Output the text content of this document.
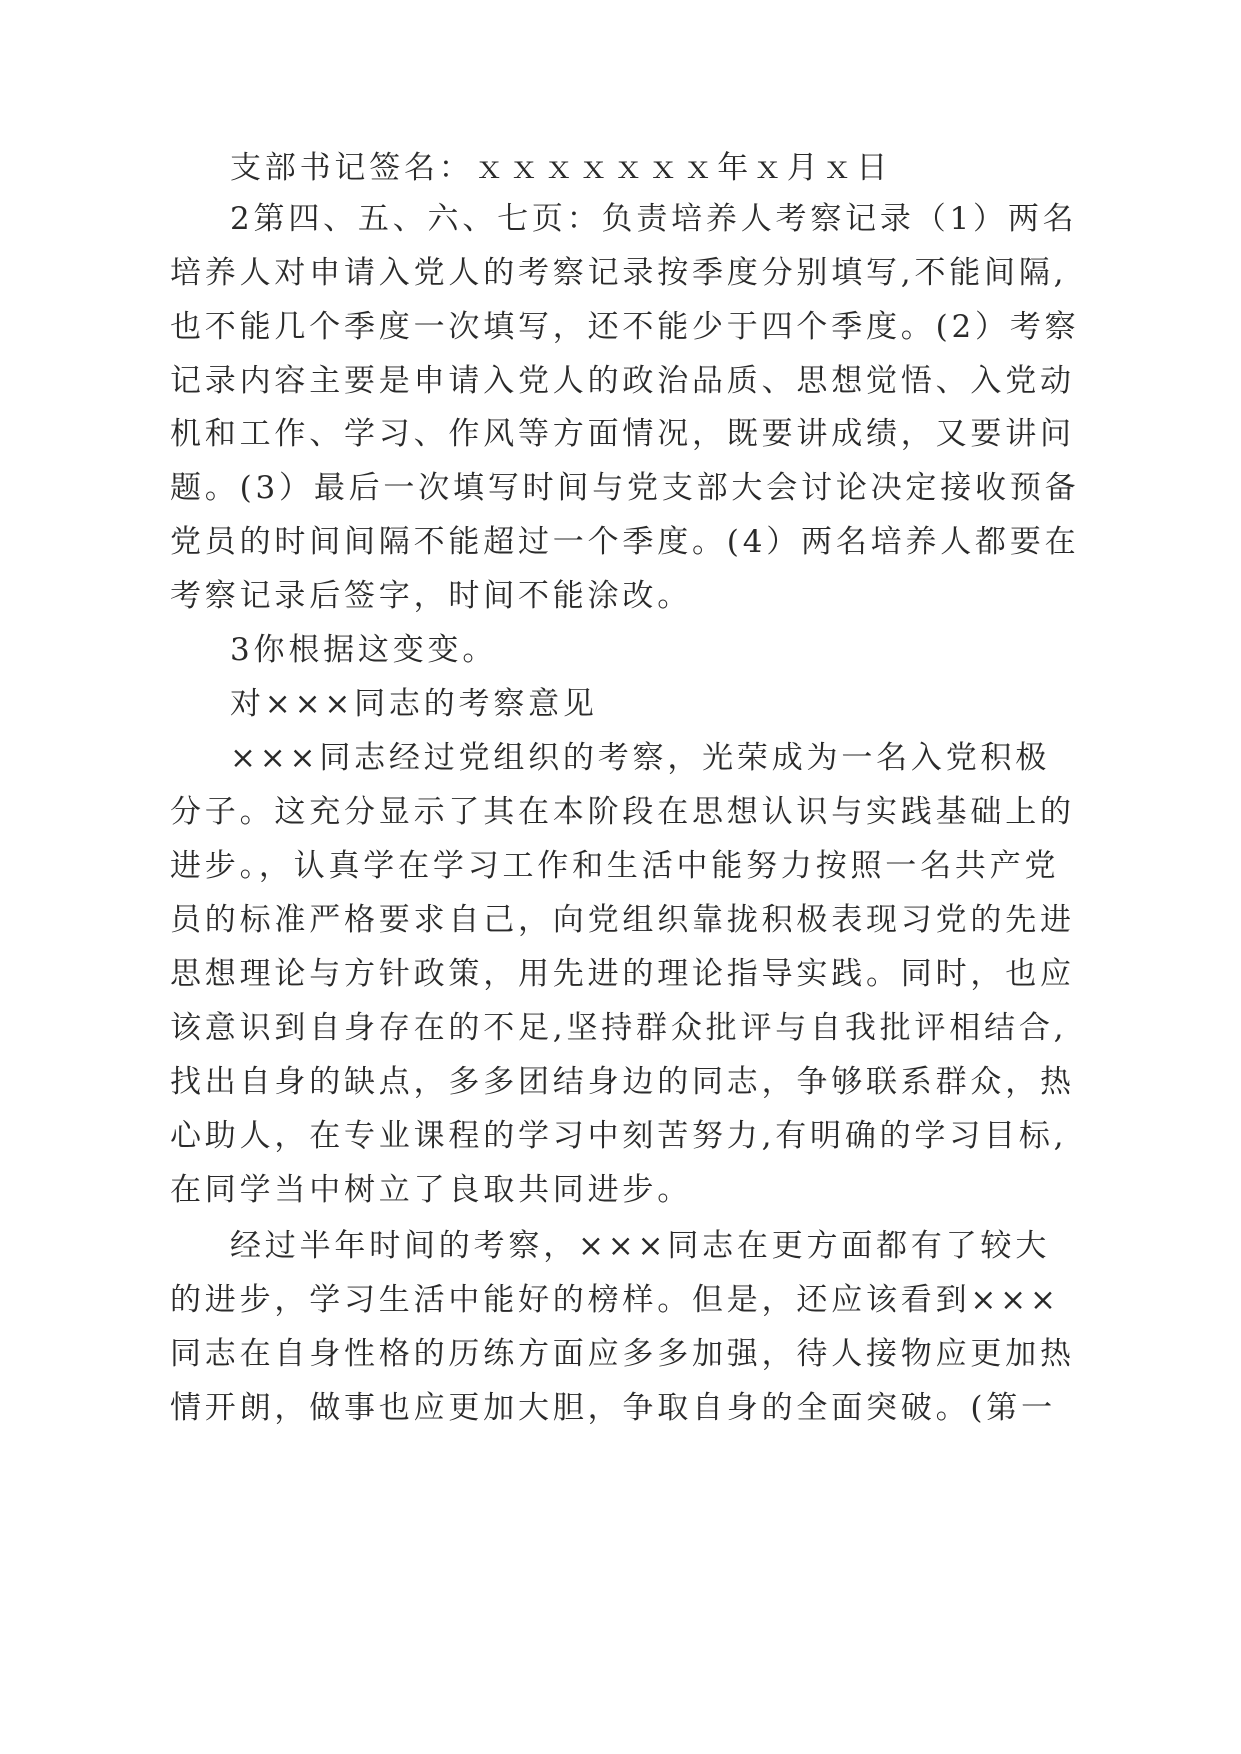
支部书记签名：ｘｘｘｘｘｘｘ年ｘ月ｘ日
2第四、五、六、七页：负责培养人考察记录（1）两名
培养人对申请入党人的考察记录按季度分别填写,不能间隔,
也不能几个季度一次填写，还不能少于四个季度。(2）考察
记录内容主要是申请入党人的政治品质、思想觉悟、入党动
机和工作、学习、作风等方面情况，既要讲成绩，又要讲问
题。(3）最后一次填写时间与党支部大会讨论决定接收预备
党员的时间间隔不能超过一个季度。(4）两名培养人都要在
考察记录后签字，时间不能涂改。
3你根据这变变。
对×××同志的考察意见
×××同志经过党组织的考察，光荣成为一名入党积极
分子。这充分显示了其在本阶段在思想认识与实践基础上的
进步。，认真学在学习工作和生活中能努力按照一名共产党
员的标准严格要求自己，向党组织靠拢积极表现习党的先进
思想理论与方针政策，用先进的理论指导实践。同时，也应
该意识到自身存在的不足,坚持群众批评与自我批评相结合,
找出自身的缺点，多多团结身边的同志，争够联系群众，热
心助人，在专业课程的学习中刻苦努力,有明确的学习目标,
在同学当中树立了良取共同进步。
经过半年时间的考察，×××同志在更方面都有了较大
的进步，学习生活中能好的榜样。但是，还应该看到×××
同志在自身性格的历练方面应多多加强，待人接物应更加热
情开朗，做事也应更加大胆，争取自身的全面突破。(第一
